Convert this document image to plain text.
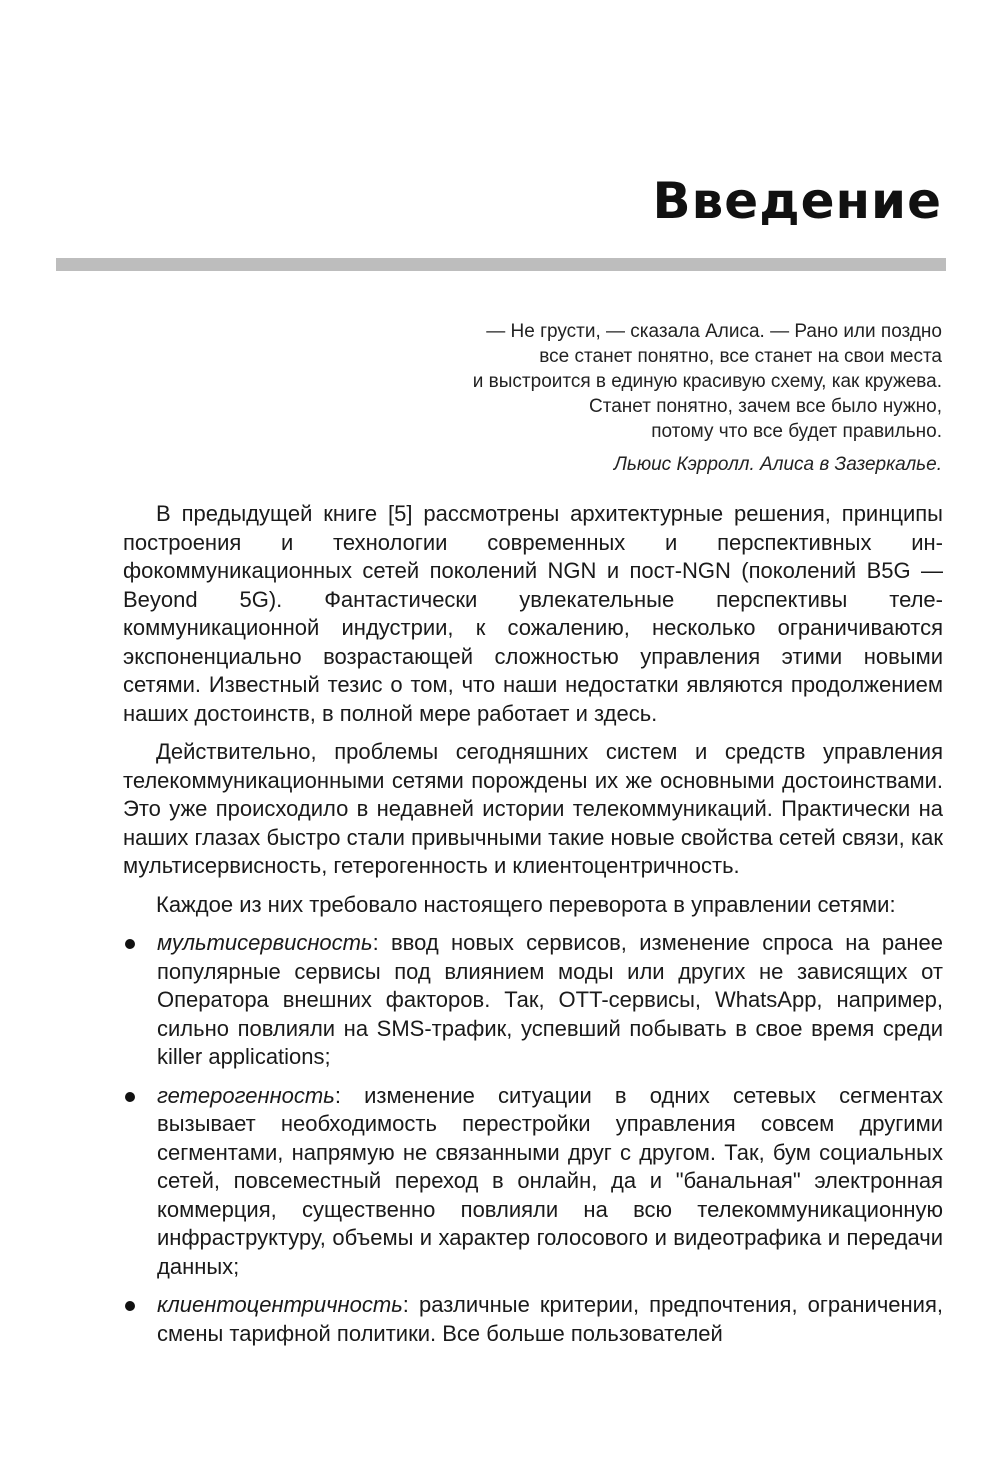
Введение
— Не грусти, — сказала Алиса. — Рано или поздно
все станет понятно, все станет на свои места
и выстроится в единую красивую схему, как кружева.
Станет понятно, зачем все было нужно,
потому что все будет правильно.
Льюис Кэрролл. Алиса в Зазеркалье.

В предыдущей книге [5] рассмотрены архитектурные решения, принципы построения и технологии современных и перспективных инфокоммуникационных сетей поколений NGN и пост-NGN (поколений B5G — Beyond 5G). Фантастически увлекательные перспективы телекоммуникационной индустрии, к сожалению, несколько ограничиваются экспоненциально возрастающей сложностью управления этими новыми сетями. Известный тезис о том, что наши недостатки являются продолжением наших достоинств, в полной мере работает и здесь.

Действительно, проблемы сегодняшних систем и средств управления телекоммуникационными сетями порождены их же основными достоинствами. Это уже происходило в недавней истории телекоммуникаций. Практически на наших глазах быстро стали привычными такие новые свойства сетей связи, как мультисервисность, гетерогенность и клиентоцентричность.

Каждое из них требовало настоящего переворота в управлении сетями:

мультисервисность: ввод новых сервисов, изменение спроса на ранее популярные сервисы под влиянием моды или других не зависящих от Оператора внешних факторов. Так, OTT-сервисы, WhatsApp, например, сильно повлияли на SMS-трафик, успевший побывать в свое время среди killer applications;
гетерогенность: изменение ситуации в одних сетевых сегментах вызывает необходимость перестройки управления совсем другими сегментами, напрямую не связанными друг с другом. Так, бум социальных сетей, повсеместный переход в онлайн, да и "банальная" электронная коммерция, существенно повлияли на всю телекоммуникационную инфраструктуру, объемы и характер голосового и видеотрафика и передачи данных;
клиентоцентричность: различные критерии, предпочтения, ограничения, смены тарифной политики. Все больше пользователей
